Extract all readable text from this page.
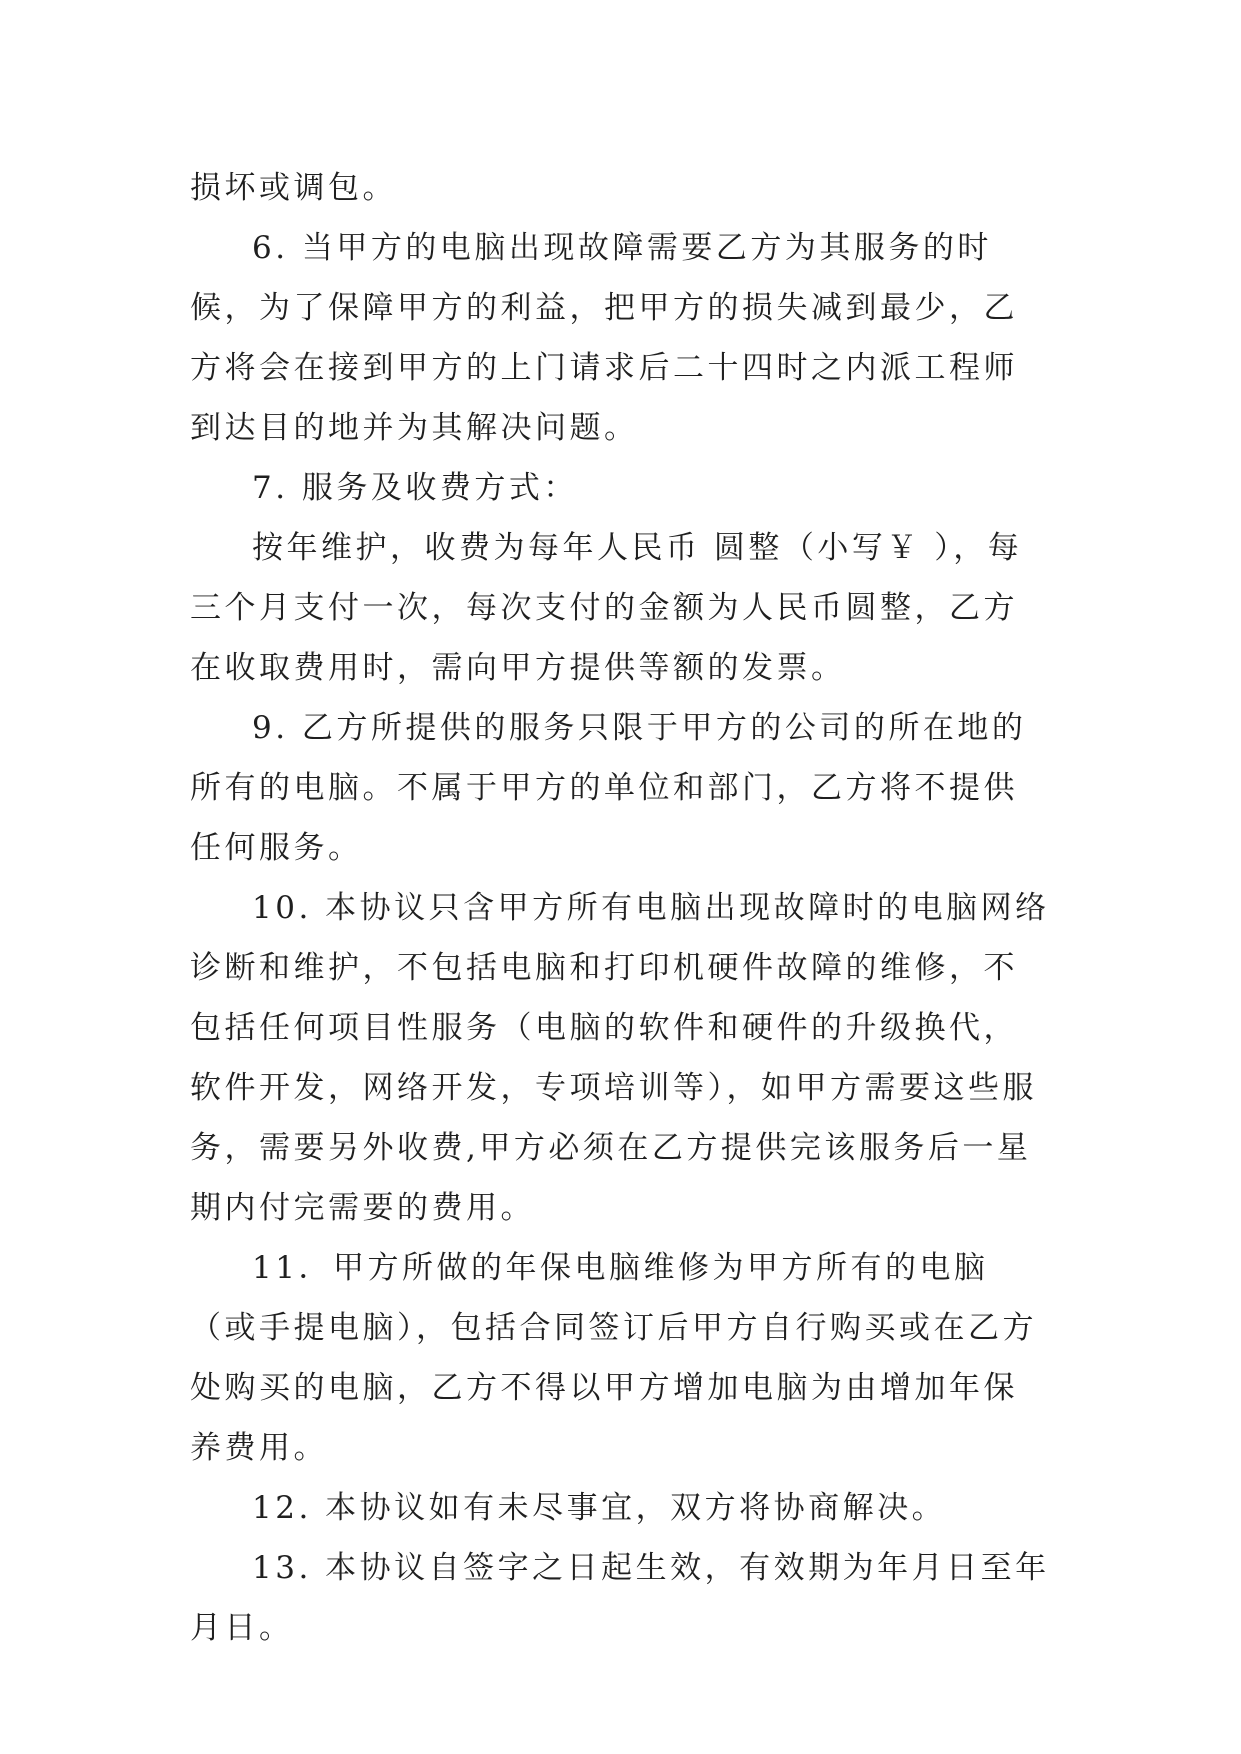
损坏或调包。

6. 当甲方的电脑出现故障需要乙方为其服务的时候，为了保障甲方的利益，把甲方的损失减到最少，乙方将会在接到甲方的上门请求后二十四时之内派工程师到达目的地并为其解决问题。

7. 服务及收费方式：

按年维护，收费为每年人民币 圆整（小写￥ ），每三个月支付一次，每次支付的金额为人民币圆整，乙方在收取费用时，需向甲方提供等额的发票。

9. 乙方所提供的服务只限于甲方的公司的所在地的所有的电脑。不属于甲方的单位和部门，乙方将不提供任何服务。

10. 本协议只含甲方所有电脑出现故障时的电脑网络诊断和维护，不包括电脑和打印机硬件故障的维修，不包括任何项目性服务（电脑的软件和硬件的升级换代，软件开发，网络开发，专项培训等），如甲方需要这些服务，需要另外收费,甲方必须在乙方提供完该服务后一星期内付完需要的费用。

11．甲方所做的年保电脑维修为甲方所有的电脑（或手提电脑），包括合同签订后甲方自行购买或在乙方处购买的电脑，乙方不得以甲方增加电脑为由增加年保养费用。

12. 本协议如有未尽事宜，双方将协商解决。

13. 本协议自签字之日起生效，有效期为年月日至年月日。
